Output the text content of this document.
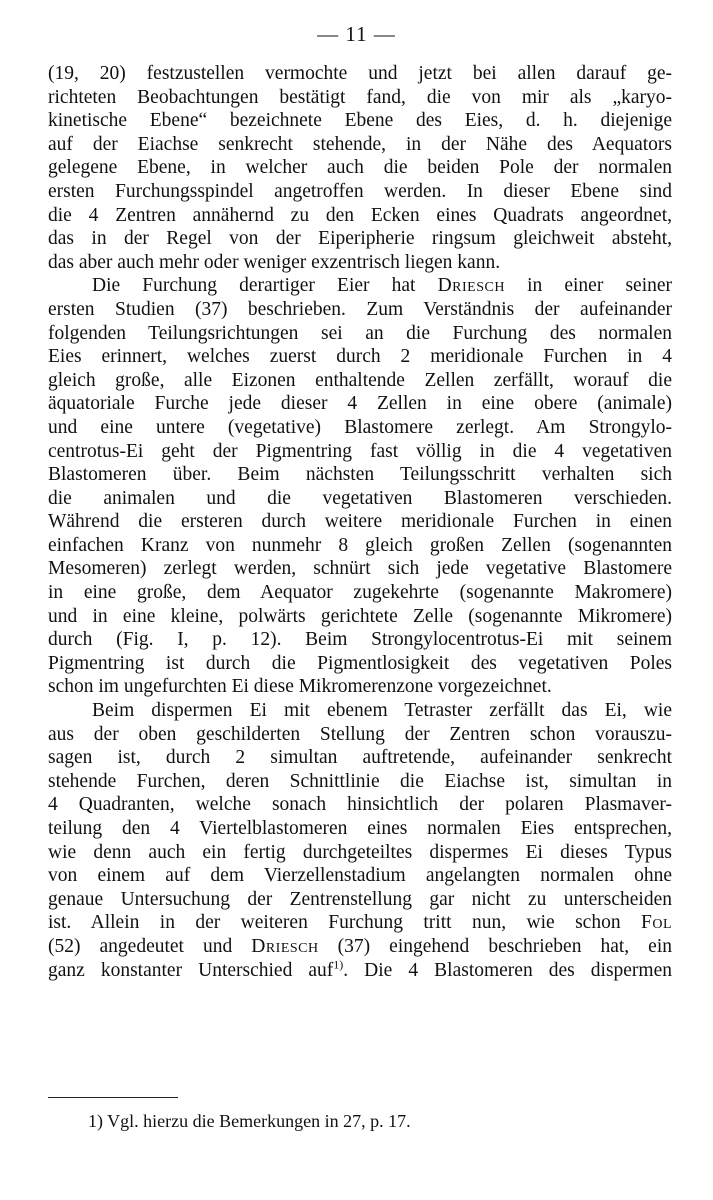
— 11 —
(19, 20) festzustellen vermochte und jetzt bei allen darauf ge-
richteten Beobachtungen bestätigt fand, die von mir als „karyo-
kinetische Ebene“ bezeichnete Ebene des Eies, d. h. diejenige
auf der Eiachse senkrecht stehende, in der Nähe des Aequators
gelegene Ebene, in welcher auch die beiden Pole der normalen
ersten Furchungsspindel angetroffen werden. In dieser Ebene sind
die 4 Zentren annähernd zu den Ecken eines Quadrats angeordnet,
das in der Regel von der Eiperipherie ringsum gleichweit absteht,
das aber auch mehr oder weniger exzentrisch liegen kann.
Die Furchung derartiger Eier hat Driesch in einer seiner
ersten Studien (37) beschrieben. Zum Verständnis der aufeinander
folgenden Teilungsrichtungen sei an die Furchung des normalen
Eies erinnert, welches zuerst durch 2 meridionale Furchen in 4
gleich große, alle Eizonen enthaltende Zellen zerfällt, worauf die
äquatoriale Furche jede dieser 4 Zellen in eine obere (animale)
und eine untere (vegetative) Blastomere zerlegt. Am Strongylo-
centrotus-Ei geht der Pigmentring fast völlig in die 4 vegetativen
Blastomeren über. Beim nächsten Teilungsschritt verhalten sich
die animalen und die vegetativen Blastomeren verschieden.
Während die ersteren durch weitere meridionale Furchen in einen
einfachen Kranz von nunmehr 8 gleich großen Zellen (sogenannten
Mesomeren) zerlegt werden, schnürt sich jede vegetative Blastomere
in eine große, dem Aequator zugekehrte (sogenannte Makromere)
und in eine kleine, polwärts gerichtete Zelle (sogenannte Mikromere)
durch (Fig. I, p. 12). Beim Strongylocentrotus-Ei mit seinem
Pigmentring ist durch die Pigmentlosigkeit des vegetativen Poles
schon im ungefurchten Ei diese Mikromerenzone vorgezeichnet.
Beim dispermen Ei mit ebenem Tetraster zerfällt das Ei, wie
aus der oben geschilderten Stellung der Zentren schon vorauszu-
sagen ist, durch 2 simultan auftretende, aufeinander senkrecht
stehende Furchen, deren Schnittlinie die Eiachse ist, simultan in
4 Quadranten, welche sonach hinsichtlich der polaren Plasmaver-
teilung den 4 Viertelblastomeren eines normalen Eies entsprechen,
wie denn auch ein fertig durchgeteiltes dispermes Ei dieses Typus
von einem auf dem Vierzellenstadium angelangten normalen ohne
genaue Untersuchung der Zentrenstellung gar nicht zu unterscheiden
ist. Allein in der weiteren Furchung tritt nun, wie schon Fol
(52) angedeutet und Driesch (37) eingehend beschrieben hat, ein
ganz konstanter Unterschied auf$^{1)}$. Die 4 Blastomeren des dispermen
1) Vgl. hierzu die Bemerkungen in 27, p. 17.
